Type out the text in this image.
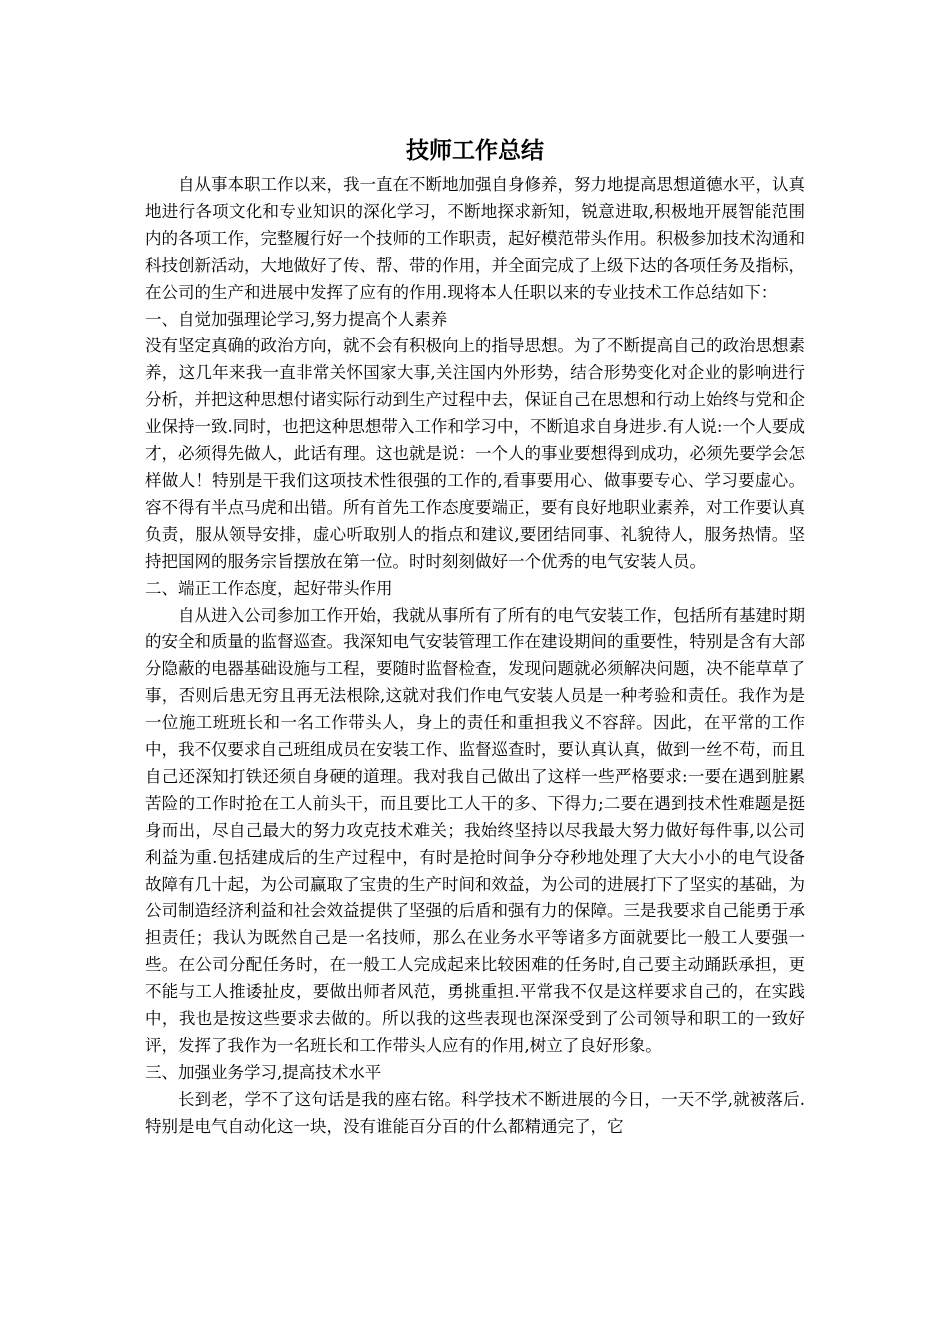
技师工作总结

自从事本职工作以来，我一直在不断地加强自身修养，努力地提高思想道德水平，认真地进行各项文化和专业知识的深化学习，不断地探求新知，锐意进取,积极地开展智能范围内的各项工作，完整履行好一个技师的工作职责，起好模范带头作用。积极参加技术沟通和科技创新活动，大地做好了传、帮、带的作用，并全面完成了上级下达的各项任务及指标，在公司的生产和进展中发挥了应有的作用.现将本人任职以来的专业技术工作总结如下：

一、自觉加强理论学习,努力提高个人素养

没有坚定真确的政治方向，就不会有积极向上的指导思想。为了不断提高自己的政治思想素养，这几年来我一直非常关怀国家大事,关注国内外形势，结合形势变化对企业的影响进行分析，并把这种思想付诸实际行动到生产过程中去，保证自己在思想和行动上始终与党和企业保持一致.同时，也把这种思想带入工作和学习中，不断追求自身进步.有人说:一个人要成才，必须得先做人，此话有理。这也就是说：一个人的事业要想得到成功，必须先要学会怎样做人！特别是干我们这项技术性很强的工作的,看事要用心、做事要专心、学习要虚心。容不得有半点马虎和出错。所有首先工作态度要端正，要有良好地职业素养，对工作要认真负责，服从领导安排，虚心听取别人的指点和建议,要团结同事、礼貌待人，服务热情。坚持把国网的服务宗旨摆放在第一位。时时刻刻做好一个优秀的电气安装人员。

二、端正工作态度，起好带头作用

自从进入公司参加工作开始，我就从事所有了所有的电气安装工作，包括所有基建时期的安全和质量的监督巡查。我深知电气安装管理工作在建设期间的重要性，特别是含有大部分隐蔽的电器基础设施与工程，要随时监督检查，发现问题就必须解决问题，决不能草草了事，否则后患无穷且再无法根除,这就对我们作电气安装人员是一种考验和责任。我作为是一位施工班班长和一名工作带头人，身上的责任和重担我义不容辞。因此，在平常的工作中，我不仅要求自己班组成员在安装工作、监督巡查时，要认真认真，做到一丝不苟，而且自己还深知打铁还须自身硬的道理。我对我自己做出了这样一些严格要求:一要在遇到脏累苦险的工作时抢在工人前头干，而且要比工人干的多、下得力;二要在遇到技术性难题是挺身而出，尽自己最大的努力攻克技术难关；我始终坚持以尽我最大努力做好每件事,以公司利益为重.包括建成后的生产过程中，有时是抢时间争分夺秒地处理了大大小小的电气设备故障有几十起，为公司赢取了宝贵的生产时间和效益，为公司的进展打下了坚实的基础，为公司制造经济利益和社会效益提供了坚强的后盾和强有力的保障。三是我要求自己能勇于承担责任；我认为既然自己是一名技师，那么在业务水平等诸多方面就要比一般工人要强一些。在公司分配任务时，在一般工人完成起来比较困难的任务时,自己要主动踊跃承担，更不能与工人推诿扯皮，要做出师者风范，勇挑重担.平常我不仅是这样要求自己的，在实践中，我也是按这些要求去做的。所以我的这些表现也深深受到了公司领导和职工的一致好评，发挥了我作为一名班长和工作带头人应有的作用,树立了良好形象。

三、加强业务学习,提高技术水平

长到老，学不了这句话是我的座右铭。科学技术不断进展的今日，一天不学,就被落后.特别是电气自动化这一块，没有谁能百分百的什么都精通完了，它
